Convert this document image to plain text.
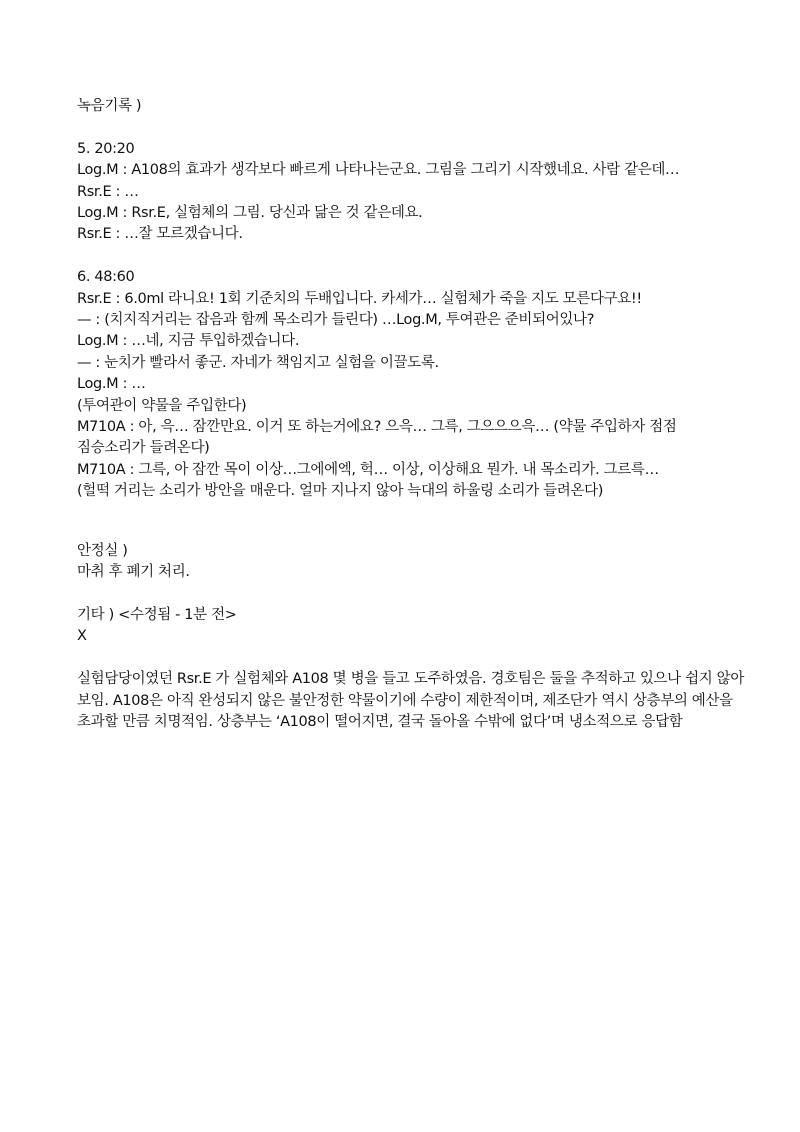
녹음기록 )
5. 20:20
Log.M : A108의 효과가 생각보다 빠르게 나타나는군요. 그림을 그리기 시작했네요. 사람 같은데…
Rsr.E : …
Log.M : Rsr.E, 실험체의 그림. 당신과 닮은 것 같은데요.
Rsr.E : …잘 모르겠습니다.
6. 48:60
Rsr.E : 6.0ml 라니요! 1회 기준치의 두배입니다. 카세가… 실험체가 죽을 지도 모른다구요!!
— : (치지직거리는 잡음과 함께 목소리가 들린다) …Log.M, 투여관은 준비되어있나?
Log.M : …네, 지금 투입하겠습니다.
— : 눈치가 빨라서 좋군. 자네가 책임지고 실험을 이끌도록.
Log.M : …
(투여관이 약물을 주입한다)
M710A : 아, 윽… 잠깐만요. 이거 또 하는거에요? 으윽… 그륵, 그으으으윽… (약물 주입하자 점점 짐승소리가 들려온다)
M710A : 그륵, 아 잠깐 목이 이상…그에에엑, 헉… 이상, 이상해요 뭔가. 내 목소리가. 그르륵…
(헐떡 거리는 소리가 방안을 매운다. 얼마 지나지 않아 늑대의 하울링 소리가 들려온다)
안정실 )
마취 후 폐기 처리.
기타 ) <수정됨 - 1분 전>
X
실험담당이였던 Rsr.E 가 실험체와 A108 몇 병을 들고 도주하였음. 경호팀은 둘을 추적하고 있으나 쉽지 않아 보임. A108은 아직 완성되지 않은 불안정한 약물이기에 수량이 제한적이며, 제조단가 역시 상층부의 예산을 초과할 만큼 치명적임. 상층부는 ‘A108이 떨어지면, 결국 돌아올 수밖에 없다’며 냉소적으로 응답함
